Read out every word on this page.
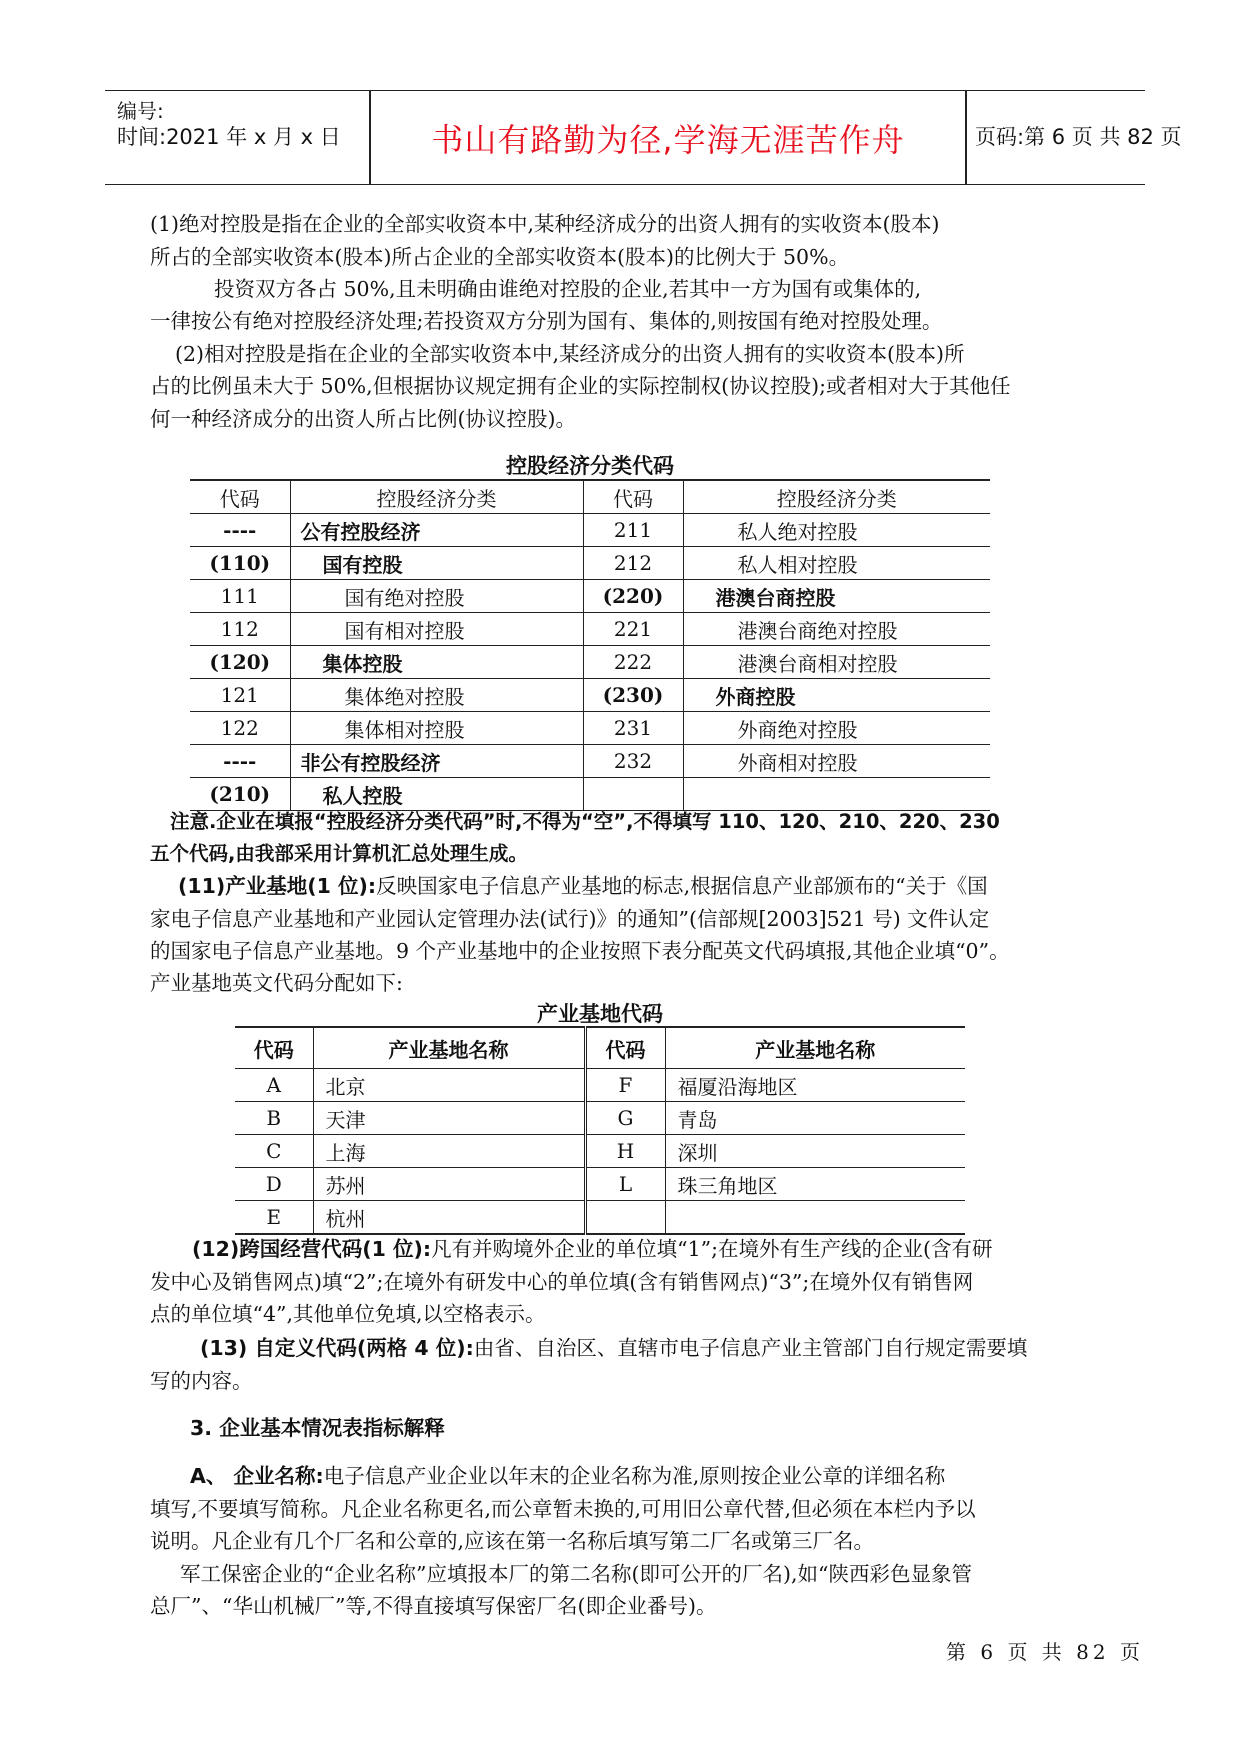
编号:
时间:2021 年 x 月 x 日	书山有路勤为径,学海无涯苦作舟	页码:第 6 页 共 82 页
(1)绝对控股是指在企业的全部实收资本中,某种经济成分的出资人拥有的实收资本(股本)
所占的全部实收资本(股本)所占企业的全部实收资本(股本)的比例大于 50%。
投资双方各占 50%,且未明确由谁绝对控股的企业,若其中一方为国有或集体的,
一律按公有绝对控股经济处理;若投资双方分别为国有、集体的,则按国有绝对控股处理。
(2)相对控股是指在企业的全部实收资本中,某经济成分的出资人拥有的实收资本(股本)所
占的比例虽未大于 50%,但根据协议规定拥有企业的实际控制权(协议控股);或者相对大于其他任
何一种经济成分的出资人所占比例(协议控股)。
控股经济分类代码
代码	控股经济分类	代码	控股经济分类
----	公有控股经济	211	私人绝对控股
(110)	国有控股	212	私人相对控股
111	国有绝对控股	(220)	港澳台商控股
112	国有相对控股	221	港澳台商绝对控股
(120)	集体控股	222	港澳台商相对控股
121	集体绝对控股	(230)	外商控股
122	集体相对控股	231	外商绝对控股
----	非公有控股经济	232	外商相对控股
(210)	私人控股		
注意.企业在填报“控股经济分类代码”时,不得为“空”,不得填写 110、120、210、220、230
五个代码,由我部采用计算机汇总处理生成。
(11)产业基地(1 位):反映国家电子信息产业基地的标志,根据信息产业部颁布的“关于《国
家电子信息产业基地和产业园认定管理办法(试行)》的通知”(信部规[2003]521 号) 文件认定
的国家电子信息产业基地。9 个产业基地中的企业按照下表分配英文代码填报,其他企业填“0”。
产业基地英文代码分配如下:
产业基地代码
代码	产业基地名称	代码	产业基地名称
A	北京	F	福厦沿海地区
B	天津	G	青岛
C	上海	H	深圳
D	苏州	L	珠三角地区
E	杭州		
(12)跨国经营代码(1 位):凡有并购境外企业的单位填“1”;在境外有生产线的企业(含有研
发中心及销售网点)填“2”;在境外有研发中心的单位填(含有销售网点)“3”;在境外仅有销售网
点的单位填“4”,其他单位免填,以空格表示。
(13) 自定义代码(两格 4 位):由省、自治区、直辖市电子信息产业主管部门自行规定需要填
写的内容。
3. 企业基本情况表指标解释
A、 企业名称:电子信息产业企业以年末的企业名称为准,原则按企业公章的详细名称
填写,不要填写简称。凡企业名称更名,而公章暂未换的,可用旧公章代替,但必须在本栏内予以
说明。凡企业有几个厂名和公章的,应该在第一名称后填写第二厂名或第三厂名。
军工保密企业的“企业名称”应填报本厂的第二名称(即可公开的厂名),如“陕西彩色显象管
总厂”、“华山机械厂”等,不得直接填写保密厂名(即企业番号)。
第 6 页 共 82 页
